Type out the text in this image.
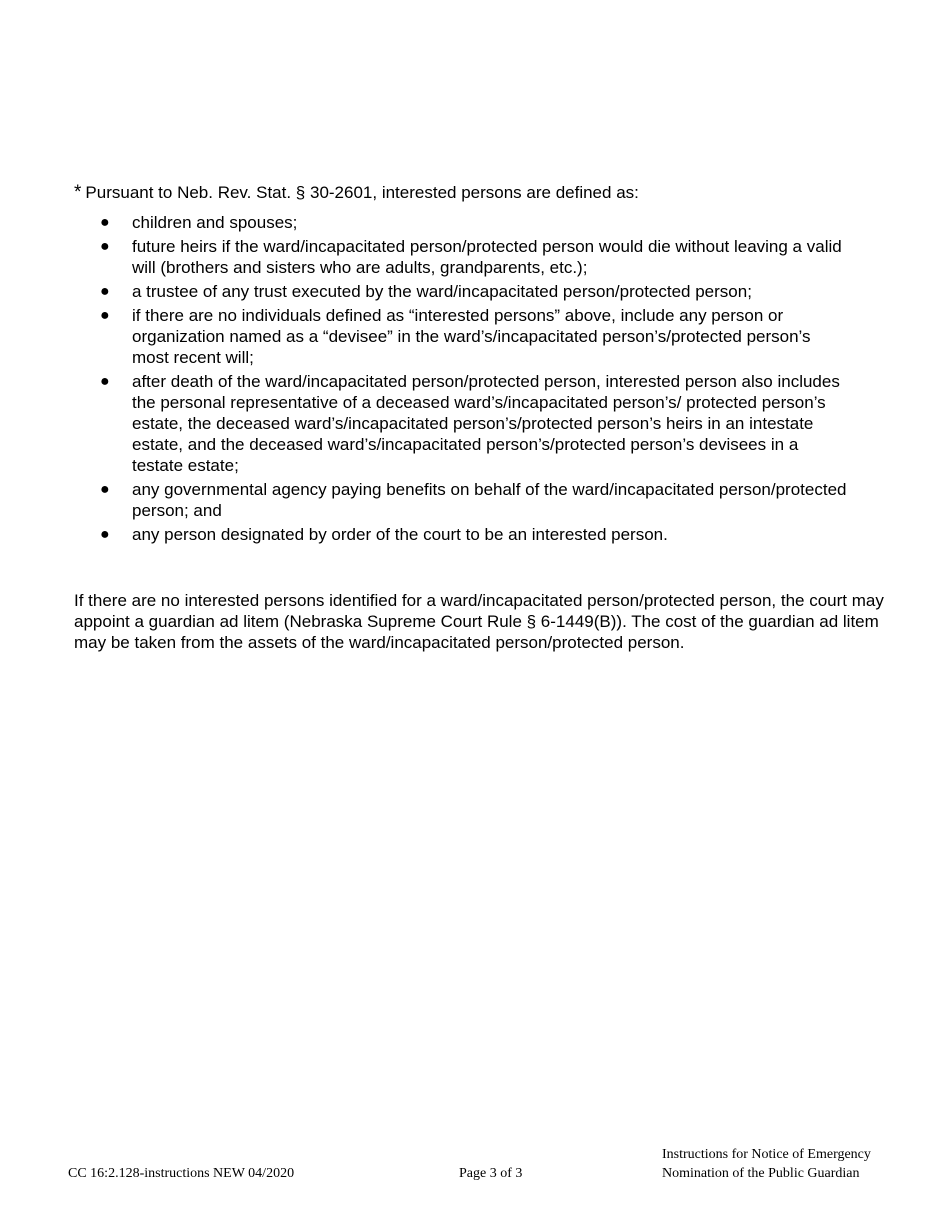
* Pursuant to Neb. Rev. Stat. § 30-2601, interested persons are defined as:

● children and spouses;
● future heirs if the ward/incapacitated person/protected person would die without leaving a valid will (brothers and sisters who are adults, grandparents, etc.);
● a trustee of any trust executed by the ward/incapacitated person/protected person;
● if there are no individuals defined as “interested persons” above, include any person or organization named as a “devisee” in the ward’s/incapacitated person’s/protected person’s most recent will;
● after death of the ward/incapacitated person/protected person, interested person also includes the personal representative of a deceased ward’s/incapacitated person’s/ protected person’s estate, the deceased ward’s/incapacitated person’s/protected person’s heirs in an intestate estate, and the deceased ward’s/incapacitated person’s/protected person’s devisees in a testate estate;
● any governmental agency paying benefits on behalf of the ward/incapacitated person/protected person; and
● any person designated by order of the court to be an interested person.

If there are no interested persons identified for a ward/incapacitated person/protected person, the court may appoint a guardian ad litem (Nebraska Supreme Court Rule § 6-1449(B)). The cost of the guardian ad litem may be taken from the assets of the ward/incapacitated person/protected person.

CC 16:2.128-instructions NEW 04/2020	Page 3 of 3
Instructions for Notice of Emergency
Nomination of the Public Guardian
